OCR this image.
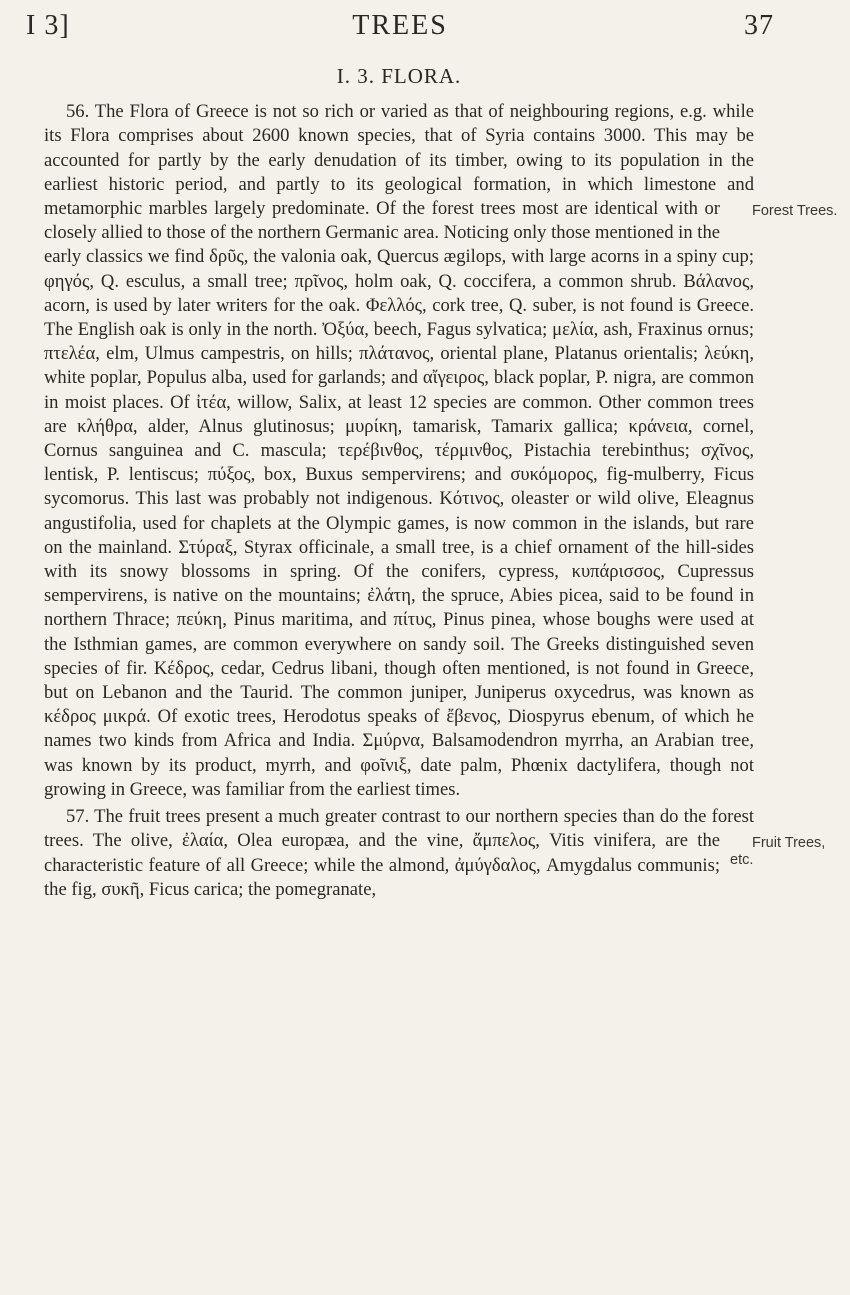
I 3]	TREES	37
I. 3. FLORA.

56. The Flora of Greece is not so rich or varied as that of neighbouring regions, e.g. while its Flora comprises about 2600 known species, that of Syria contains 3000. This may be accounted for partly by the early denudation of its timber, owing to its population in the earliest historic period, and partly to its geological formation, in which limestone and metamorphic marbles largely predominate. Of the forest trees most	Forest Trees.
are identical with or closely allied to those of the northern Germanic area. Noticing only those mentioned in the early classics we find δρῦς, the valonia oak, Quercus ægilops, with large acorns in a spiny cup; φηγός, Q. esculus, a small tree; πρῖνος, holm oak, Q. coccifera, a common shrub. Βάλανος, acorn, is used by later writers for the oak. Φελλός, cork tree, Q. suber, is not found is Greece. The English oak is only in the north. Ὀξύα, beech, Fagus sylvatica; μελία, ash, Fraxinus ornus; πτελέα, elm, Ulmus campestris, on hills; πλάτανος, oriental plane, Platanus orientalis; λεύκη, white poplar, Populus alba, used for garlands; and αἴγειρος, black poplar, P. nigra, are common in moist places. Of ἰτέα, willow, Salix, at least 12 species are common. Other common trees are κλήθρα, alder, Alnus glutinosus; μυρίκη, tamarisk, Tamarix gallica; κράνεια, cornel, Cornus sanguinea and C. mascula; τερέβινθος, τέρμινθος, Pistachia terebinthus; σχῖνος, lentisk, P. lentiscus; πύξος, box, Buxus sempervirens; and συκόμορος, fig-mulberry, Ficus sycomorus. This last was probably not indigenous. Κότινος, oleaster or wild olive, Eleagnus angustifolia, used for chaplets at the Olympic games, is now common in the islands, but rare on the mainland. Στύραξ, Styrax officinale, a small tree, is a chief ornament of the hill-sides with its snowy blossoms in spring. Of the conifers, cypress, κυπάρισσος, Cupressus sempervirens, is native on the mountains; ἐλάτη, the spruce, Abies picea, said to be found in northern Thrace; πεύκη, Pinus maritima, and πίτυς, Pinus pinea, whose boughs were used at the Isthmian games, are common everywhere on sandy soil. The Greeks distinguished seven species of fir. Κέδρος, cedar, Cedrus libani, though often mentioned, is not found in Greece, but on Lebanon and the Taurid. The common juniper, Juniperus oxycedrus, was known as κέδρος μικρά. Of exotic trees, Herodotus speaks of ἔβενος, Diospyrus ebenum, of which he names two kinds from Africa and India. Σμύρνα, Balsamodendron myrrha, an Arabian tree, was known by its product, myrrh, and φοῖνιξ, date palm, Phœnix dactylifera, though not growing in Greece, was familiar from the earliest times.

57. The fruit trees present a much greater contrast to our northern species than do the forest trees. The olive, ἐλαία, Olea europæa, and the vine, ἄμπελος, Vitis vinifera, are the	Fruit Trees, etc.
characteristic feature of all Greece; while the almond, ἀμύγδαλος, Amygdalus communis; the fig, συκῆ, Ficus carica; the pomegranate,
